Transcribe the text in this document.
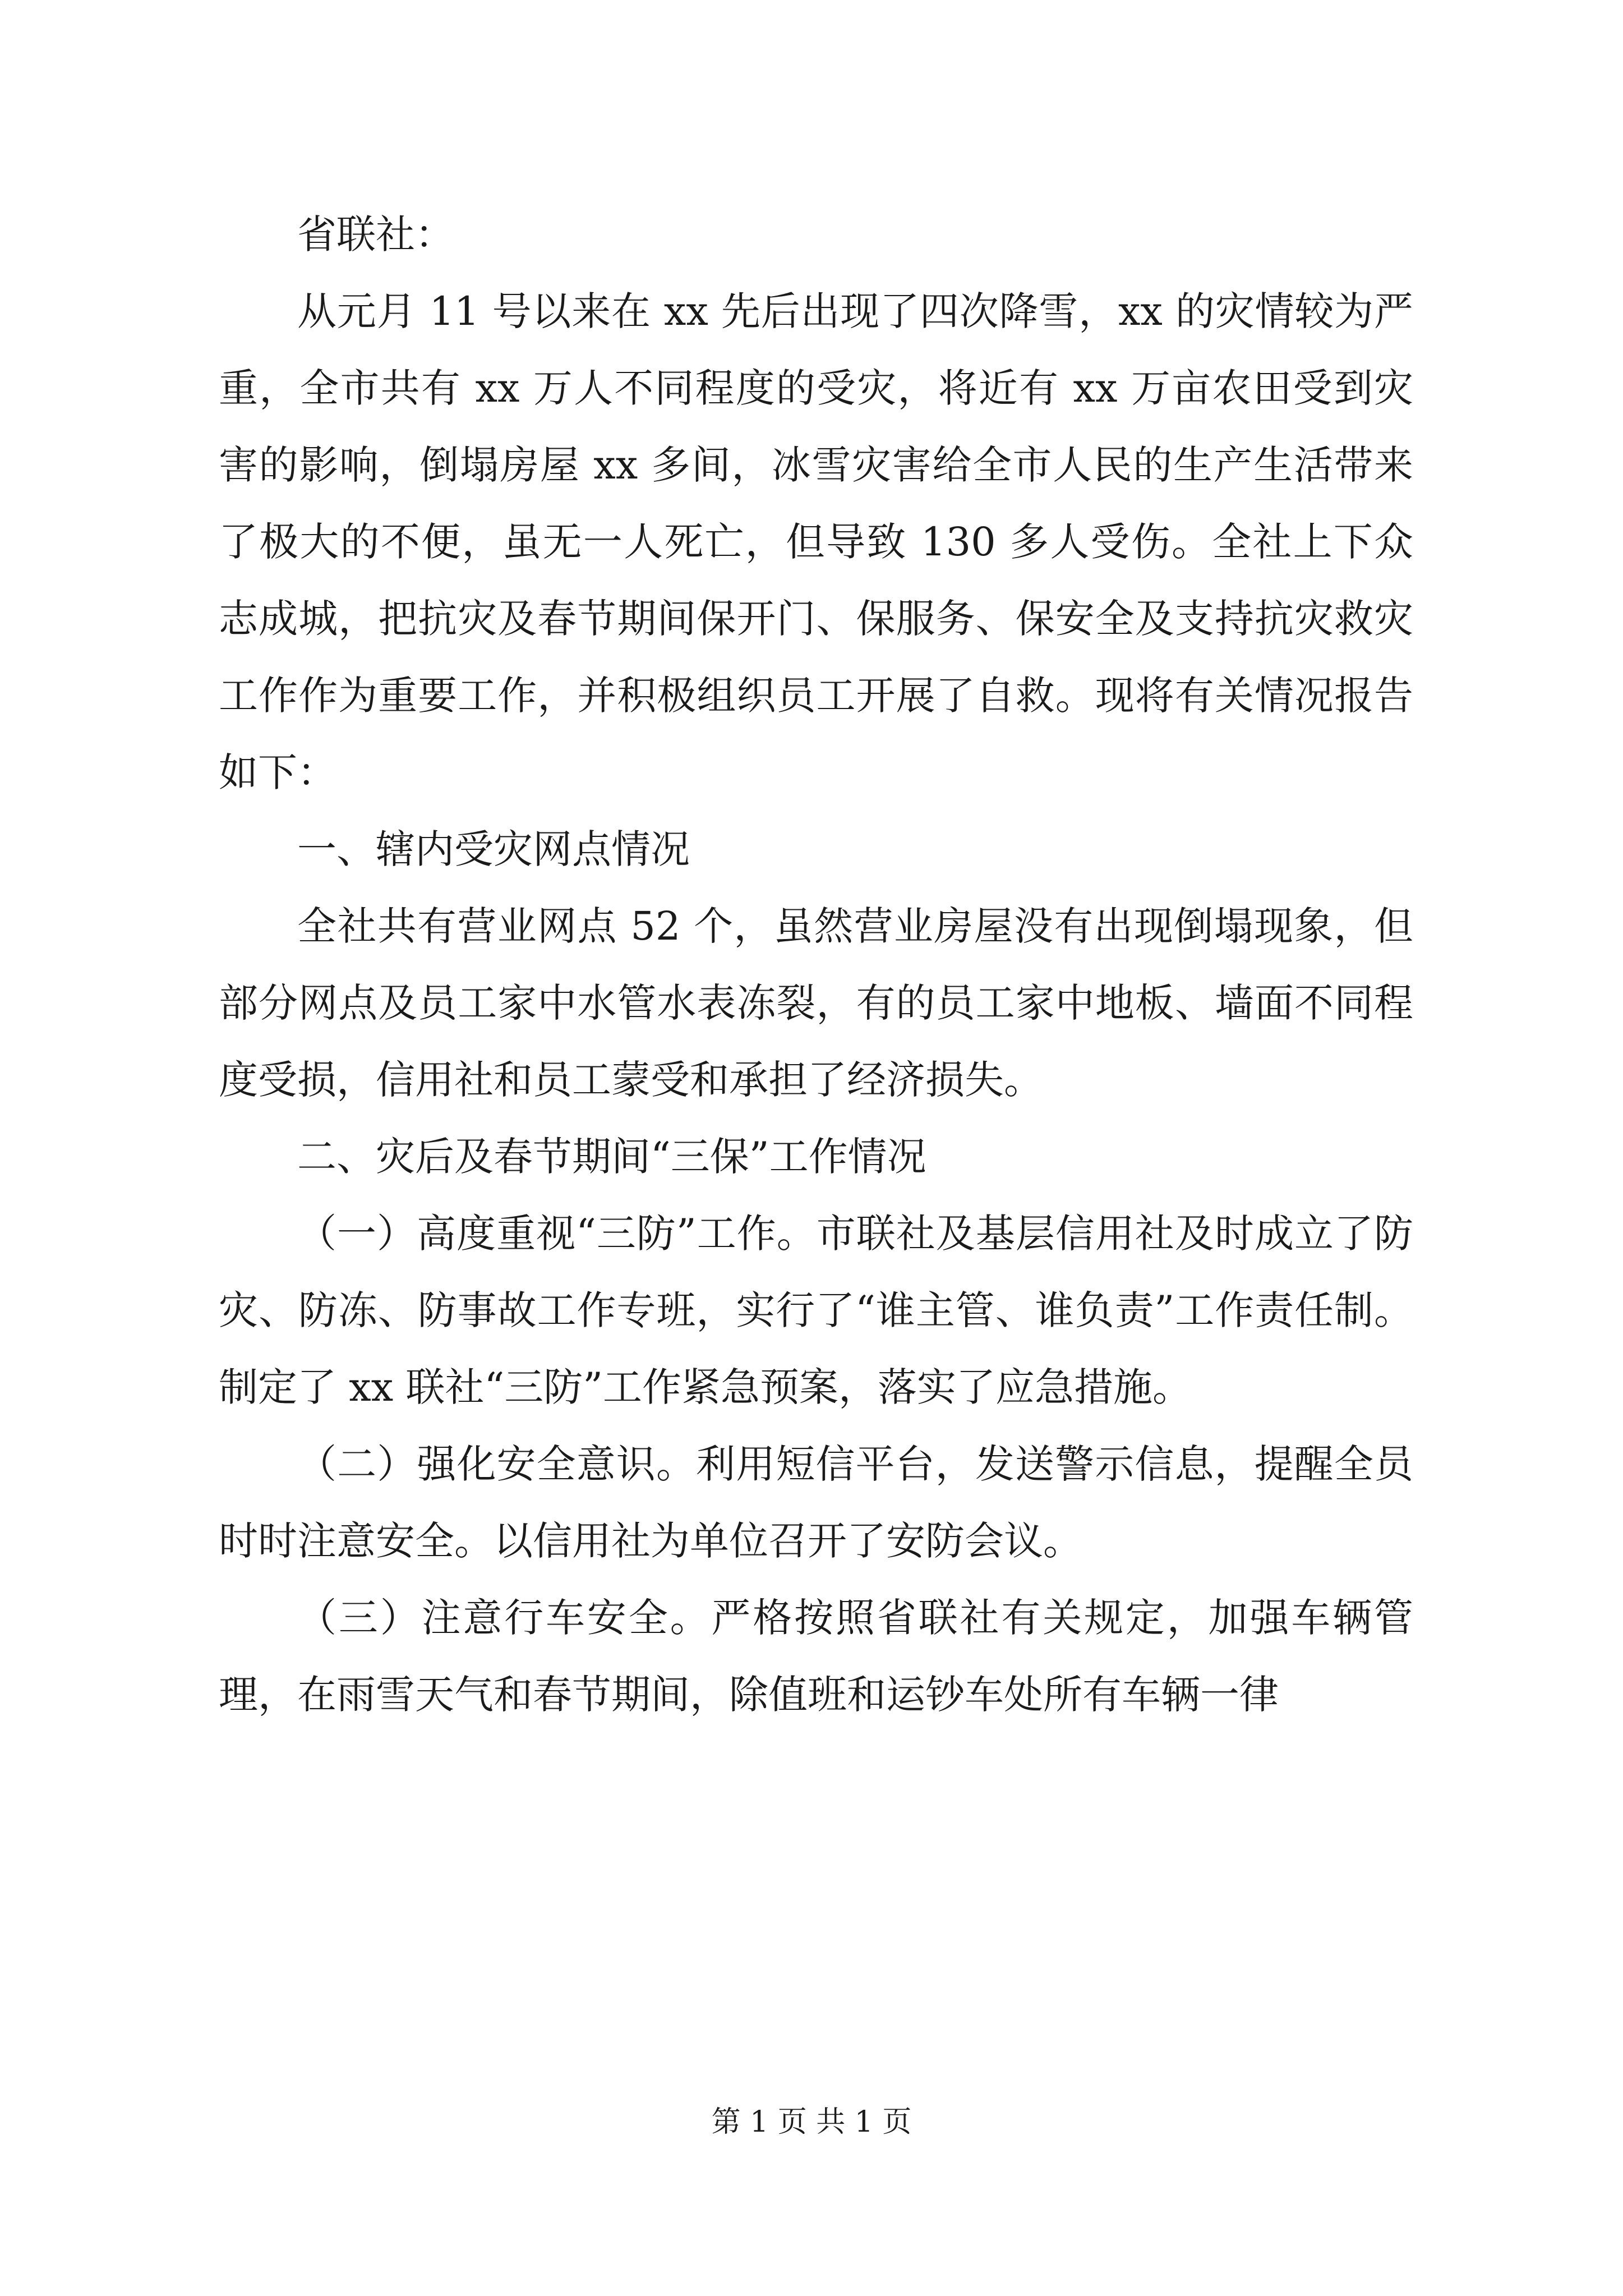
省联社：

从元月 11 号以来在 xx 先后出现了四次降雪，xx 的灾情较为严重，全市共有 xx 万人不同程度的受灾，将近有 xx 万亩农田受到灾害的影响，倒塌房屋 xx 多间，冰雪灾害给全市人民的生产生活带来了极大的不便，虽无一人死亡，但导致 130 多人受伤。全社上下众志成城，把抗灾及春节期间保开门、保服务、保安全及支持抗灾救灾工作作为重要工作，并积极组织员工开展了自救。现将有关情况报告如下：

一、辖内受灾网点情况

全社共有营业网点 52 个，虽然营业房屋没有出现倒塌现象，但部分网点及员工家中水管水表冻裂，有的员工家中地板、墙面不同程度受损，信用社和员工蒙受和承担了经济损失。

二、灾后及春节期间“三保”工作情况

（一）高度重视“三防”工作。市联社及基层信用社及时成立了防灾、防冻、防事故工作专班，实行了“谁主管、谁负责”工作责任制。制定了 xx 联社“三防”工作紧急预案，落实了应急措施。

（二）强化安全意识。利用短信平台，发送警示信息，提醒全员时时注意安全。以信用社为单位召开了安防会议。

（三）注意行车安全。严格按照省联社有关规定，加强车辆管理，在雨雪天气和春节期间，除值班和运钞车处所有车辆一律

第 1 页 共 1 页
